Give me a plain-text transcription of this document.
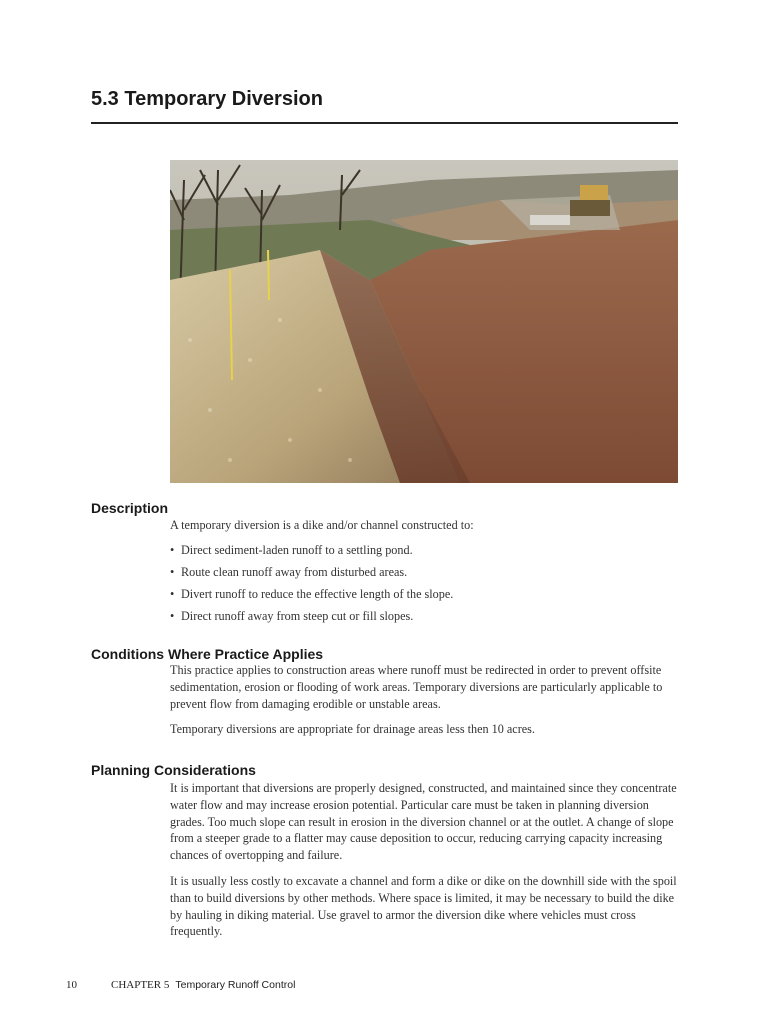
5.3 Temporary Diversion
Description

A temporary diversion is a dike and/or channel constructed to:

• Direct sediment-laden runoff to a settling pond.
• Route clean runoff away from disturbed areas.
• Divert runoff to reduce the effective length of the slope.
• Direct runoff away from steep cut or fill slopes.
Conditions Where Practice Applies

This practice applies to construction areas where runoff must be redirected in order to prevent offsite sedimentation, erosion or flooding of work areas. Temporary diversions are particularly applicable to prevent flow from damaging erodible or unstable areas.

Temporary diversions are appropriate for drainage areas less then 10 acres.

Planning Considerations

It is important that diversions are properly designed, constructed, and maintained since they concentrate water flow and may increase erosion potential. Particular care must be taken in planning diversion grades. Too much slope can result in erosion in the diversion channel or at the outlet. A change of slope from a steeper grade to a flatter may cause deposition to occur, reducing carrying capacity increasing chances of overtopping and failure.

It is usually less costly to excavate a channel and form a dike or dike on the downhill side with the spoil than to build diversions by other methods. Where space is limited, it may be necessary to build the dike by hauling in diking material. Use gravel to armor the diversion dike where vehicles must cross frequently.

10	CHAPTER 5 Temporary Runoff Control
